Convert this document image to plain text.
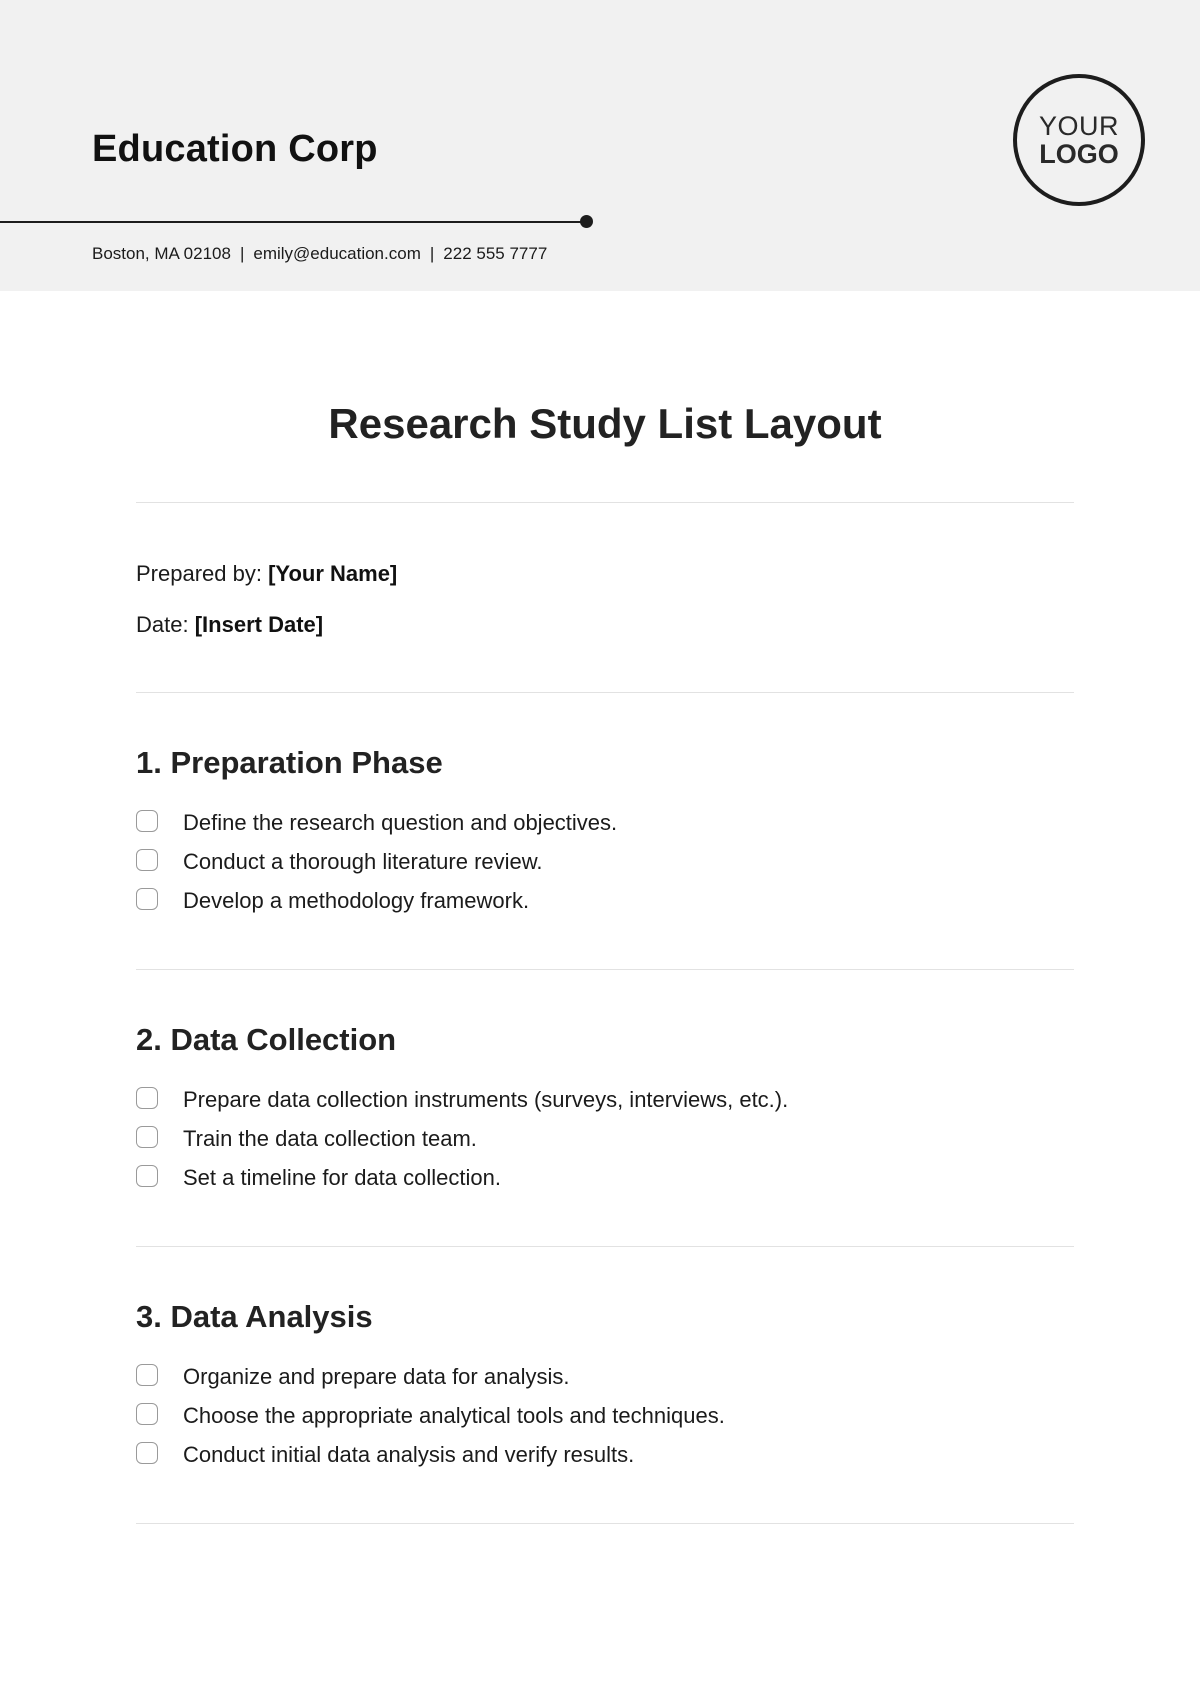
Education Corp
Boston, MA 02108 | emily@education.com | 222 555 7777
YOUR
LOGO
Research Study List Layout
Prepared by: [Your Name]
Date: [Insert Date]
1. Preparation Phase
Define the research question and objectives.
Conduct a thorough literature review.
Develop a methodology framework.
2. Data Collection
Prepare data collection instruments (surveys, interviews, etc.).
Train the data collection team.
Set a timeline for data collection.
3. Data Analysis
Organize and prepare data for analysis.
Choose the appropriate analytical tools and techniques.
Conduct initial data analysis and verify results.
